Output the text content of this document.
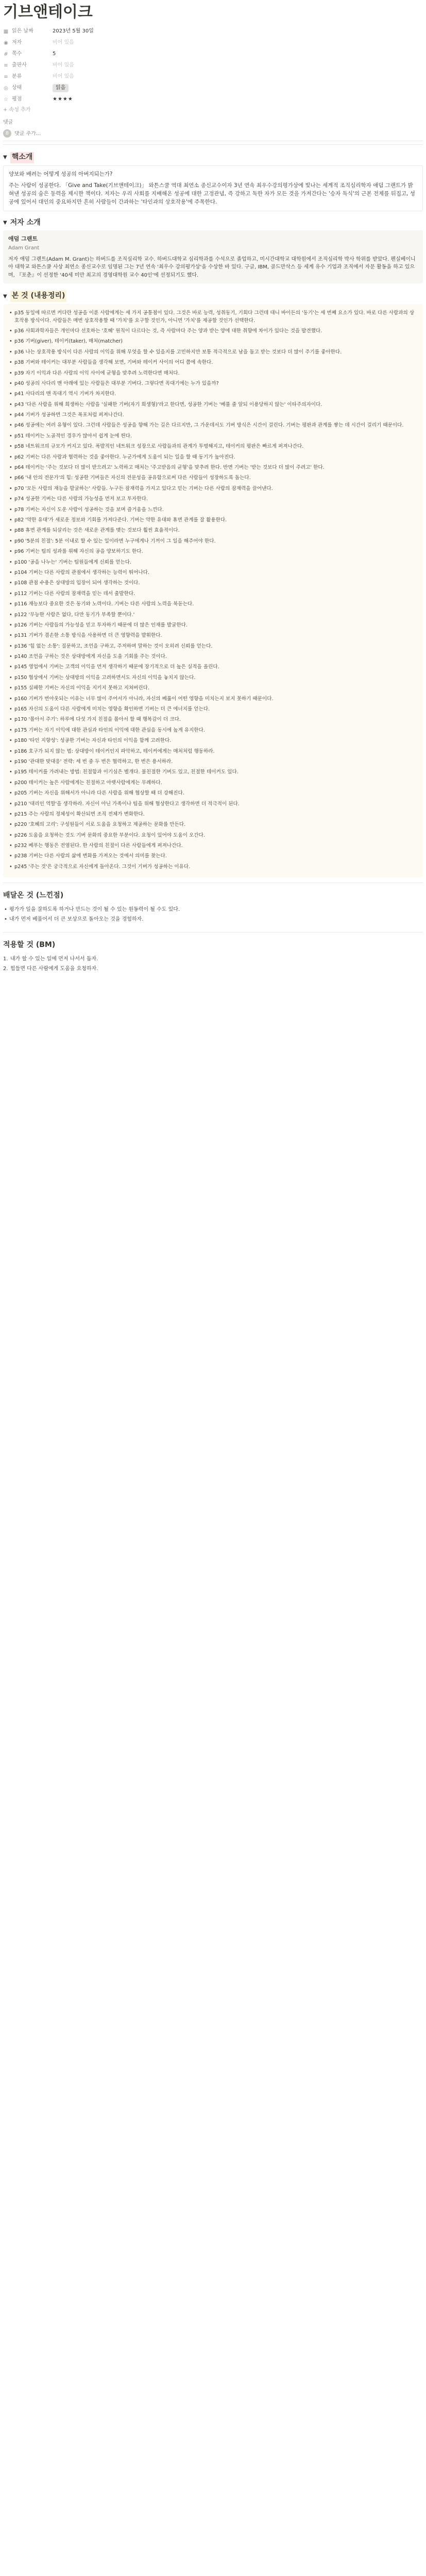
기브앤테이크
▦ 읽은 날짜	2023년 5월 30일
◉ 저자	비어 있음
# 쪽수	5
≡ 출판사	비어 있음
≡ 분류	비어 있음
◎ 상태	읽음
☆ 평점	★★★★
+ 속성 추가
댓글
B
댓글 추가...
▼ 핵소개

양보와 배려는 어떻게 성공의 아버지되는가?

주는 사람이 성공한다. 「Give and Take(기브앤테이크)」 와튼스쿨 역대 최연소 종신교수이자 3년 연속 최우수강의평가상에 빛나는 세계적 조직심리학자 애덤 그랜트가 밝혀낸 성공의 숨은 동력을 제시한 책이다. 저자는 우리 사회를 지배해온 성공에 대한 고정관념, 즉 강하고 독한 자가 모든 것을 가져간다는 '승자 독식'의 근본 전제를 뒤집고, 성공에 있어서 대인의 중요하지만 흔히 사람들이 간과하는 '타인과의 상호작용'에 주목한다.

▼ 저자 소개
애덤 그랜트
Adam Grant

저자 애덤 그랜트(Adam M. Grant)는 하버드를 조직심리학 교수. 하버드대학교 심리학과를 수석으로 졸업하고, 미시간대학교 대학원에서 조직심리학 박사 학위를 받았다. 펜실베이니아 대학교 와튼스쿨 사상 최연소 종신교수로 임명된 그는 7년 연속 '최우수 강의평가상'을 수상한 바 있다. 구글, IBM, 골드만삭스 등 세계 유수 기업과 조직에서 자문 활동을 하고 있으며, 『포춘』이 선정한 '40세 미만 최고의 경영대학원 교수 40인'에 선정되기도 했다.

▼ 본 것 (내용정리)
• p35 동일에 따르면 커다란 성공을 이룬 사람에게는 세 가지 공통점이 있다. 그것은 바로 능력, 성취동기, 기회다 그런데 대니 바이든의 '동기'는 세 번째 요소가 있다. 바로 다른 사람과의 상호작용 방식이다. 사람들은 매번 상호작용할 때 '가치'를 요구할 것인가, 아니면 '가치'를 제공할 것인가 선택한다.
• p36 사회과학자들은 개인마다 선호하는 '호혜' 원칙이 다르다는 것, 즉 사람마다 주는 양과 받는 양에 대한 취향에 차이가 있다는 것을 발견했다.
• p36 기버(giver), 테이커(taker), 매처(matcher)
• p36 나는 상호작용 방식이 다른 사람의 이익을 위해 무엇을 할 수 있을지를 고민하지만 보통 적극적으로 남을 돕고 받는 것보다 더 많이 주기를 좋아한다.
• p38 기버와 테이커는 대부분 사람들을 생각해 보면, 기버와 테이커 사이의 어디 쯤에 속한다.
• p39 자기 이익과 다른 사람의 이익 사이에 균형을 맞추려 노력한다면 매처다.
• p40 성공의 사다리 맨 아래에 있는 사람들은 대부분 기버다. 그렇다면 꼭대기에는 누가 있을까?
• p41 사다리의 맨 꼭대기 역시 기버가 차지한다.
• p43 '다른 사람을 위해 희생하는 사람을 '실패한 기버(자기 희생형)'라고 한다면, 성공한 기버는 '베풀 줄 알되 이용당하지 않는' 이타주의자이다.
• p44 기버가 성공하면 그것은 폭포처럼 퍼져나간다.
• p46 성공에는 여러 유형이 있다. 그런데 사람들은 성공을 향해 가는 길은 다르지만, 그 가운데서도 기버 방식은 시간이 걸린다. 기버는 평판과 관계를 쌓는 데 시간이 걸리기 때문이다.
• p51 테이커는 노골적인 경우가 많아서 쉽게 눈에 띈다.
• p58 네트워크의 규모가 커지고 있다. 폭발적인 네트워크 성장으로 사람들과의 관계가 투명해지고, 테이커의 평판은 빠르게 퍼져나간다.
• p62 기버는 다른 사람과 협력하는 것을 좋아한다. 누군가에게 도움이 되는 일을 할 때 동기가 높아진다.
• p64 테이커는 '주는 것보다 더 많이 받으려고' 노력하고 매처는 '주고받음의 균형'을 맞추려 한다. 반면 기버는 '받는 것보다 더 많이 주려고' 한다.
• p66 '내 안의 전문가'의 힘: 성공한 기버들은 자신의 전문성을 공유함으로써 다른 사람들이 성장하도록 돕는다.
• p70 '모든 사람의 재능을 발굴하는' 사람들. 누구든 잠재력을 가지고 있다고 믿는 기버는 다른 사람의 잠재력을 끌어낸다.
• p74 성공한 기버는 다른 사람의 가능성을 먼저 보고 투자한다.
• p78 기버는 자신이 도운 사람이 성공하는 것을 보며 즐거움을 느낀다.
• p82 '약한 유대'가 새로운 정보와 기회를 가져다준다. 기버는 약한 유대와 휴면 관계를 잘 활용한다.
• p88 휴면 관계를 되살리는 것은 새로운 관계를 맺는 것보다 훨씬 효율적이다.
• p90 '5분의 친절': 5분 이내로 할 수 있는 일이라면 누구에게나 기꺼이 그 일을 해주어야 한다.
• p96 기버는 팀의 성과를 위해 자신의 공을 양보하기도 한다.
• p100 '공을 나누는' 기버는 팀원들에게 신뢰를 얻는다.
• p104 기버는 다른 사람의 관점에서 생각하는 능력이 뛰어나다.
• p108 관점 수용은 상대방의 입장이 되어 생각하는 것이다.
• p112 기버는 다른 사람의 잠재력을 믿는 데서 출발한다.
• p116 재능보다 중요한 것은 동기와 노력이다. 기버는 다른 사람의 노력을 북돋는다.
• p122 '무능한 사람은 없다, 다만 동기가 부족할 뿐이다.'
• p126 기버는 사람들의 가능성을 믿고 투자하기 때문에 더 많은 인재를 발굴한다.
• p131 기버가 겸손한 소통 방식을 사용하면 더 큰 영향력을 발휘한다.
• p136 '힘 없는 소통': 질문하고, 조언을 구하고, 주저하며 말하는 것이 오히려 신뢰를 얻는다.
• p140 조언을 구하는 것은 상대방에게 자신을 도울 기회를 주는 것이다.
• p145 영업에서 기버는 고객의 이익을 먼저 생각하기 때문에 장기적으로 더 높은 실적을 올린다.
• p150 협상에서 기버는 상대방의 이익을 고려하면서도 자신의 이익을 놓치지 않는다.
• p155 실패한 기버는 자신의 이익을 지키지 못하고 지쳐버린다.
• p160 기버가 번아웃되는 이유는 너무 많이 주어서가 아니라, 자신의 베풂이 어떤 영향을 미치는지 보지 못하기 때문이다.
• p165 자신의 도움이 다른 사람에게 미치는 영향을 확인하면 기버는 더 큰 에너지를 얻는다.
• p170 '몰아서 주기': 하루에 다섯 가지 친절을 몰아서 할 때 행복감이 더 크다.
• p175 기버는 자기 이익에 대한 관심과 타인의 이익에 대한 관심을 동시에 높게 유지한다.
• p180 '타인 지향성': 성공한 기버는 자신과 타인의 이익을 함께 고려한다.
• p186 호구가 되지 않는 법: 상대방이 테이커인지 파악하고, 테이커에게는 매처처럼 행동하라.
• p190 '관대한 맞대응' 전략: 세 번 중 두 번은 협력하고, 한 번은 용서하라.
• p195 테이커를 가려내는 방법: 친절함과 이기심은 별개다. 불친절한 기버도 있고, 친절한 테이커도 있다.
• p200 테이커는 높은 사람에게는 친절하고 아랫사람에게는 무례하다.
• p205 기버는 자신을 위해서가 아니라 다른 사람을 위해 협상할 때 더 강해진다.
• p210 '대리인 역할'을 생각하라. 자신이 아닌 가족이나 팀을 위해 협상한다고 생각하면 더 적극적이 된다.
• p215 주는 사람의 정체성이 확산되면 조직 전체가 변화한다.
• p220 '호혜의 고리': 구성원들이 서로 도움을 요청하고 제공하는 문화를 만든다.
• p226 도움을 요청하는 것도 기버 문화의 중요한 부분이다. 요청이 있어야 도움이 오간다.
• p232 베푸는 행동은 전염된다. 한 사람의 친절이 다른 사람들에게 퍼져나간다.
• p238 기버는 다른 사람의 삶에 변화를 가져오는 것에서 의미를 찾는다.
• p245 '주는 것'은 궁극적으로 자신에게 돌아온다. 그것이 기버가 성공하는 이유다.
배달온 것 (느낀점)
• 평가가 일을 잘하도록 하거나 만드는 것이 될 수 있는 원동력이 될 수도 있다.
• 내가 먼저 베풀어서 더 큰 보상으로 돌아오는 것을 경험하자.
적용할 것 (BM)
1. 내가 할 수 있는 일에 먼저 나서서 돕자.
2. 힘들면 다른 사람에게 도움을 요청하자.
